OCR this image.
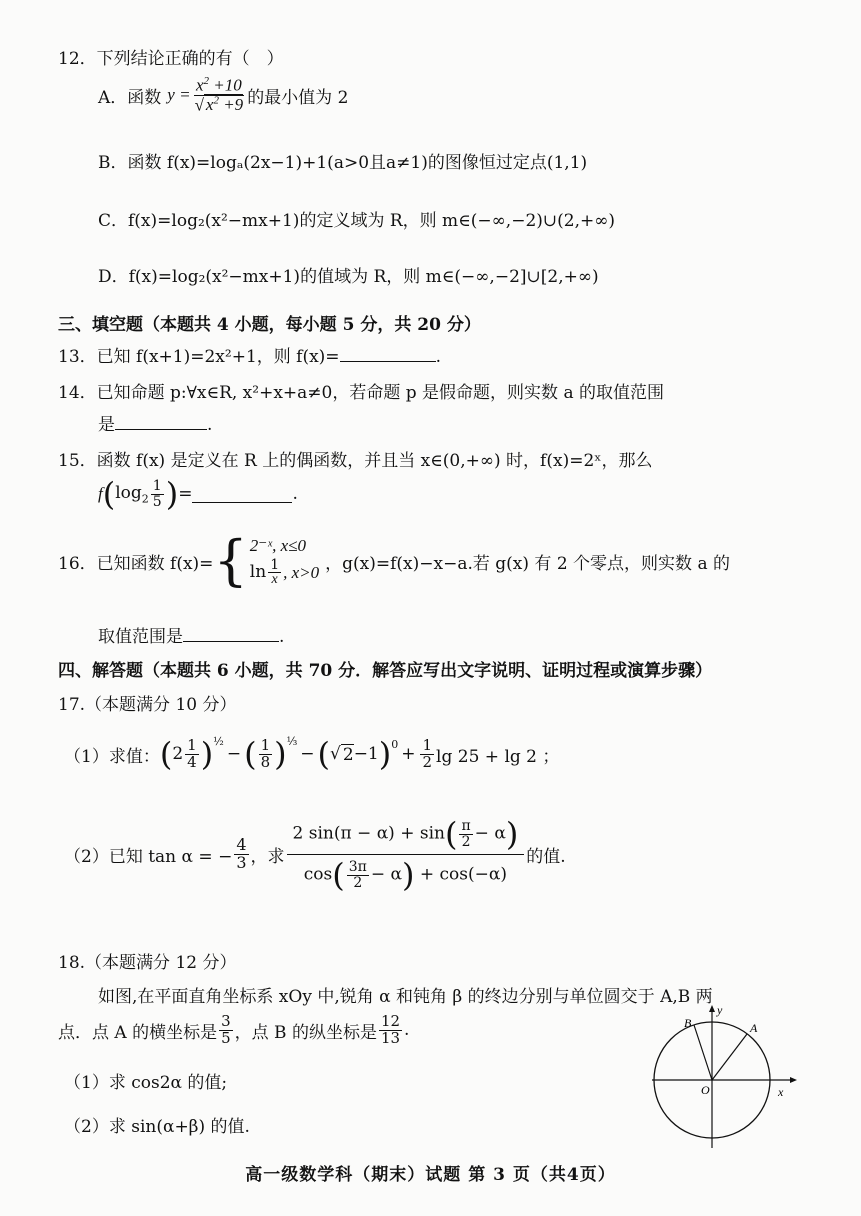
12．下列结论正确的有（　）
A．函数 $y = \frac{x^2 +10}{√ x^2 +9}$ 的最小值为 2
B．函数 f(x)=logₐ(2x−1)+1(a>0且a≠1)的图像恒过定点(1,1)
C．f(x)=log₂(x²−mx+1)的定义域为 R，则 m∈(−∞,−2)∪(2,+∞)
D．f(x)=log₂(x²−mx+1)的值域为 R，则 m∈(−∞,−2]∪[2,+∞)
三、填空题（本题共 4 小题，每小题 5 分，共 20 分）
13．已知 f(x+1)=2x²+1，则 f(x)=	.
14．已知命题 p:∀x∈R, x²+x+a≠0，若命题 p 是假命题，则实数 a 的取值范围
是	.
15．函数 f(x) 是定义在 R 上的偶函数，并且当 x∈(0,+∞) 时，f(x)=2ˣ，那么
f ( $\log_2 \frac{1}{5}$ ) =	.
16．已知函数 f(x)= { 2⁻ˣ, x≤0
$\ln \frac{1}{x}$ , x>0 ，g(x)=f(x)−x−a.若 g(x) 有 2 个零点，则实数 a 的
取值范围是	.
四、解答题（本题共 6 小题，共 70 分．解答应写出文字说明、证明过程或演算步骤）
17.（本题满分 10 分）
（1）求值： ( $2 \frac{1}{4}$ ) ½
− ( $\frac{1}{8}$ ) ⅓
− ( √ 2 −1 ) $0 + \frac{1}{2}$ lg 25 + lg 2 ；
（2）已知 tan α = − $\frac{4}{3}$ ，求 $\frac{2 \sin(\pi - \alpha) + \sin( \frac{\pi}{2} - \alpha)}{\cos( \frac{3\pi}{2} - \alpha) + \cos(-\alpha)}$ 的值.
18.（本题满分 12 分）
如图,在平面直角坐标系 xOy 中,锐角 α 和钝角 β 的终边分别与单位圆交于 A,B 两
点．点 A 的横坐标是 $\frac{3}{5}$ ，点 B 的纵坐标是 $\frac{12}{13}$ .
（1）求 cos2α 的值;
（2）求 sin(α+β) 的值.
y
x
O
A
B
高一级数学科（期末）试题 第 3 页（共4页）
